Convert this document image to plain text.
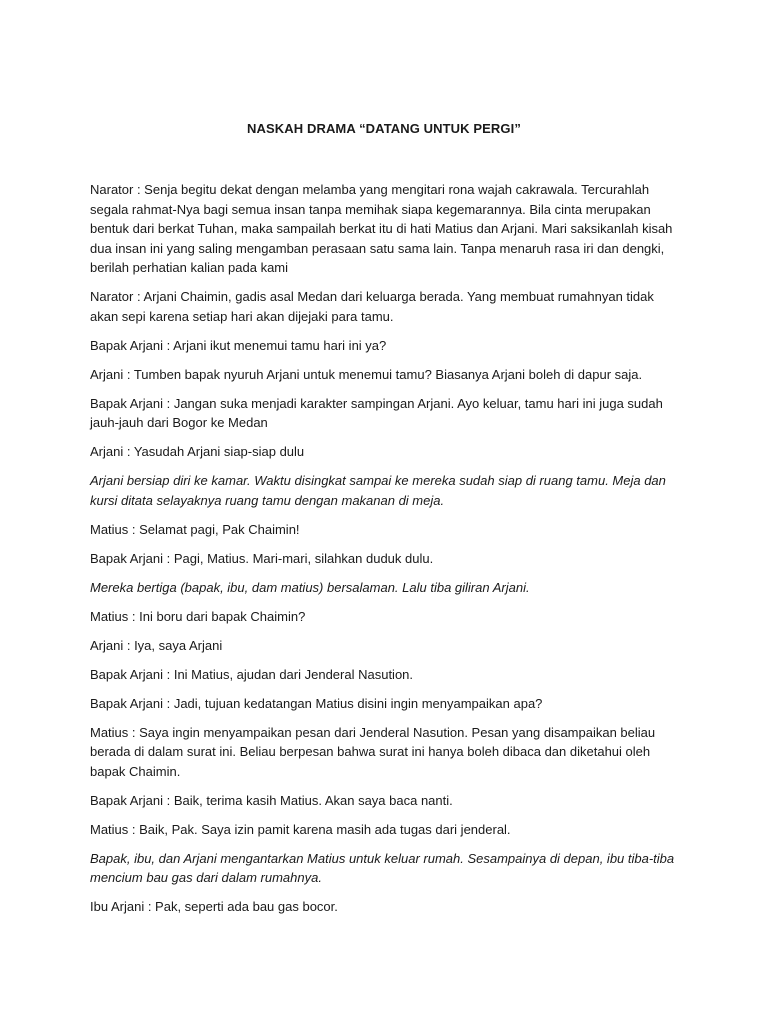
NASKAH DRAMA “DATANG UNTUK PERGI”

Narator : Senja begitu dekat dengan melamba yang mengitari rona wajah cakrawala. Tercurahlah segala rahmat-Nya bagi semua insan tanpa memihak siapa kegemarannya. Bila cinta merupakan bentuk dari berkat Tuhan, maka sampailah berkat itu di hati Matius dan Arjani. Mari saksikanlah kisah dua insan ini yang saling mengamban perasaan satu sama lain. Tanpa menaruh rasa iri dan dengki, berilah perhatian kalian pada kami

Narator : Arjani Chaimin, gadis asal Medan dari keluarga berada. Yang membuat rumahnyan tidak akan sepi karena setiap hari akan dijejaki para tamu.

Bapak Arjani : Arjani ikut menemui tamu hari ini ya?

Arjani : Tumben bapak nyuruh Arjani untuk menemui tamu? Biasanya Arjani boleh di dapur saja.

Bapak Arjani : Jangan suka menjadi karakter sampingan Arjani. Ayo keluar, tamu hari ini juga sudah jauh-jauh dari Bogor ke Medan

Arjani : Yasudah Arjani siap-siap dulu

Arjani bersiap diri ke kamar. Waktu disingkat sampai ke mereka sudah siap di ruang tamu. Meja dan kursi ditata selayaknya ruang tamu dengan makanan di meja.

Matius : Selamat pagi, Pak Chaimin!

Bapak Arjani : Pagi, Matius. Mari-mari, silahkan duduk dulu.

Mereka bertiga (bapak, ibu, dam matius) bersalaman. Lalu tiba giliran Arjani.

Matius : Ini boru dari bapak Chaimin?

Arjani : Iya, saya Arjani

Bapak Arjani : Ini Matius, ajudan dari Jenderal Nasution.

Bapak Arjani : Jadi, tujuan kedatangan Matius disini ingin menyampaikan apa?

Matius : Saya ingin menyampaikan pesan dari Jenderal Nasution. Pesan yang disampaikan beliau berada di dalam surat ini. Beliau berpesan bahwa surat ini hanya boleh dibaca dan diketahui oleh bapak Chaimin.

Bapak Arjani : Baik, terima kasih Matius. Akan saya baca nanti.

Matius : Baik, Pak. Saya izin pamit karena masih ada tugas dari jenderal.

Bapak, ibu, dan Arjani mengantarkan Matius untuk keluar rumah. Sesampainya di depan, ibu tiba-tiba mencium bau gas dari dalam rumahnya.

Ibu Arjani : Pak, seperti ada bau gas bocor.
